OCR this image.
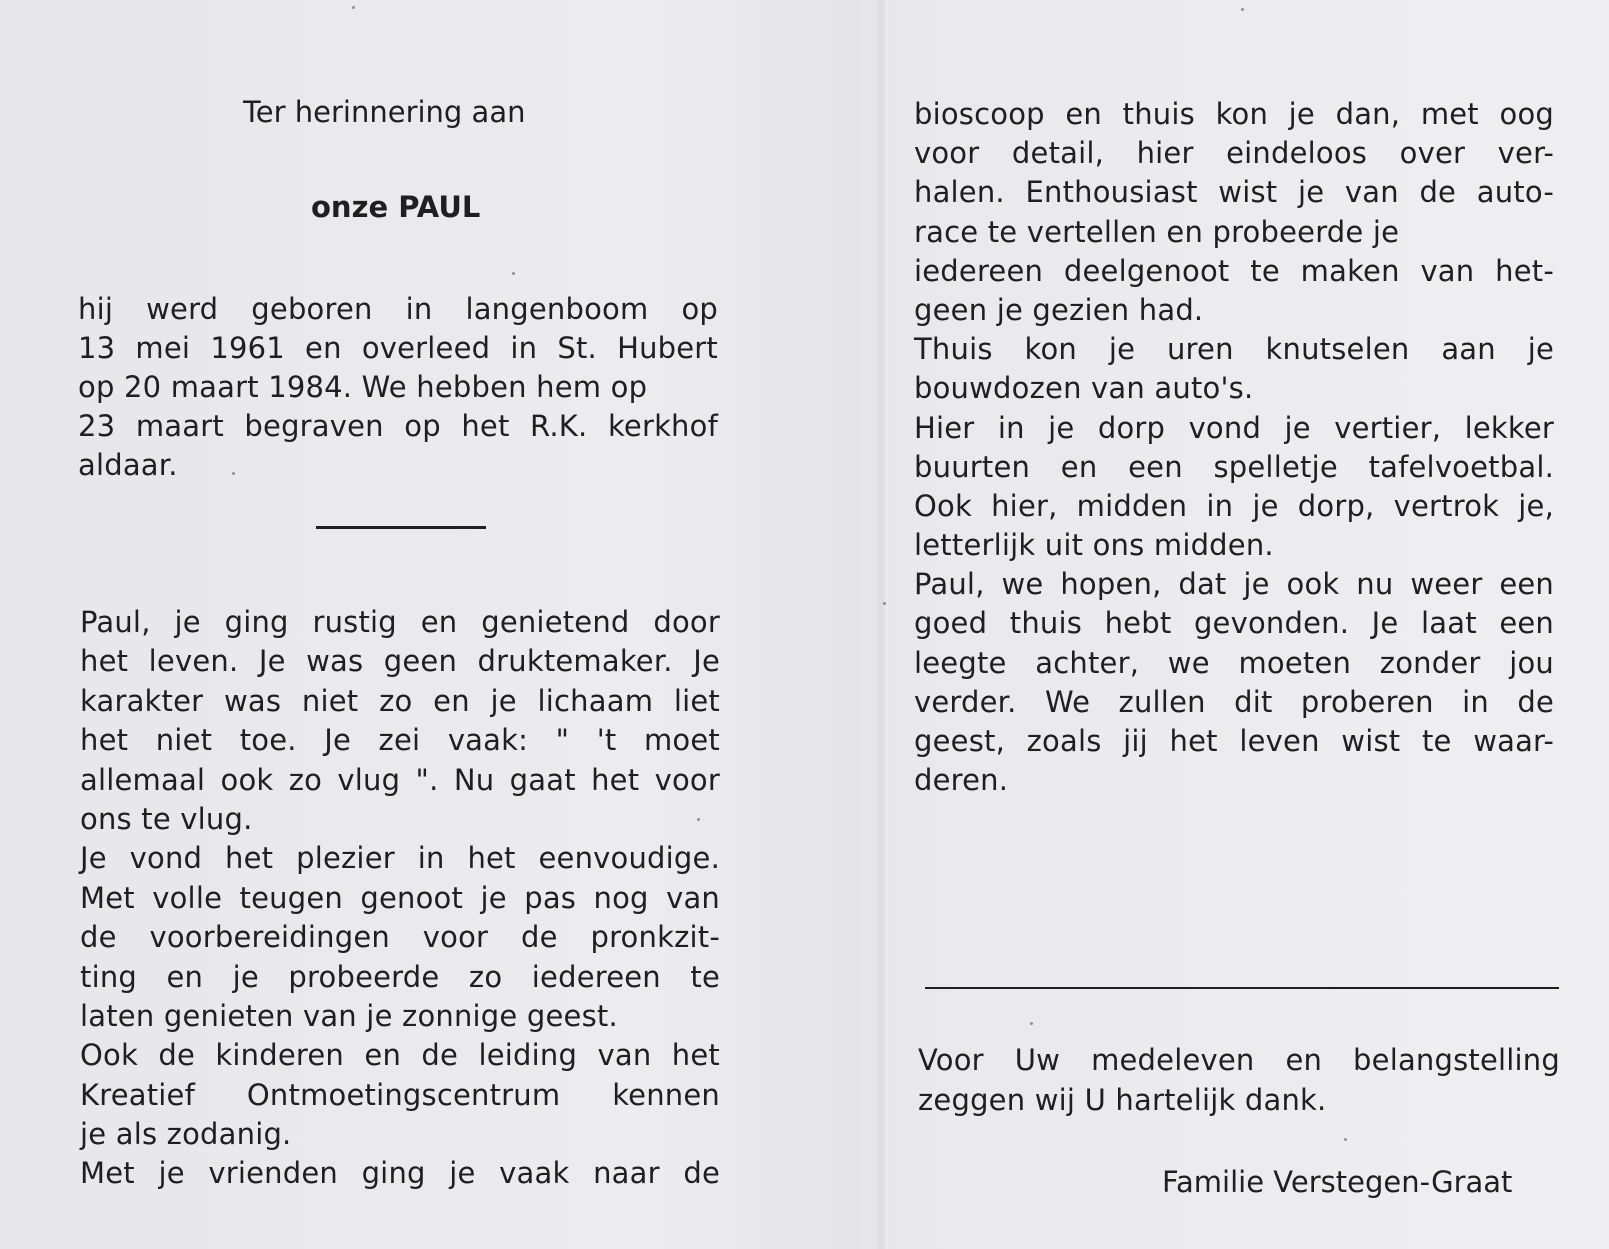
Ter herinnering aan
onze PAUL
hij werd geboren in langenboom op
13 mei 1961 en overleed in St. Hubert
op 20 maart 1984. We hebben hem op
23 maart begraven op het R.K. kerkhof
aldaar.
Paul, je ging rustig en genietend door
het leven. Je was geen druktemaker. Je
karakter was niet zo en je lichaam liet
het niet toe. Je zei vaak: " 't moet
allemaal ook zo vlug ". Nu gaat het voor
ons te vlug.
Je vond het plezier in het eenvoudige.
Met volle teugen genoot je pas nog van
de voorbereidingen voor de pronkzit-
ting en je probeerde zo iedereen te
laten genieten van je zonnige geest.
Ook de kinderen en de leiding van het
Kreatief Ontmoetingscentrum kennen
je als zodanig.
Met je vrienden ging je vaak naar de
bioscoop en thuis kon je dan, met oog
voor detail, hier eindeloos over ver-
halen. Enthousiast wist je van de auto-
race te vertellen en probeerde je
iedereen deelgenoot te maken van het-
geen je gezien had.
Thuis kon je uren knutselen aan je
bouwdozen van auto's.
Hier in je dorp vond je vertier, lekker
buurten en een spelletje tafelvoetbal.
Ook hier, midden in je dorp, vertrok je,
letterlijk uit ons midden.
Paul, we hopen, dat je ook nu weer een
goed thuis hebt gevonden. Je laat een
leegte achter, we moeten zonder jou
verder. We zullen dit proberen in de
geest, zoals jij het leven wist te waar-
deren.
Voor Uw medeleven en belangstelling
zeggen wij U hartelijk dank.
Familie Verstegen-Graat
